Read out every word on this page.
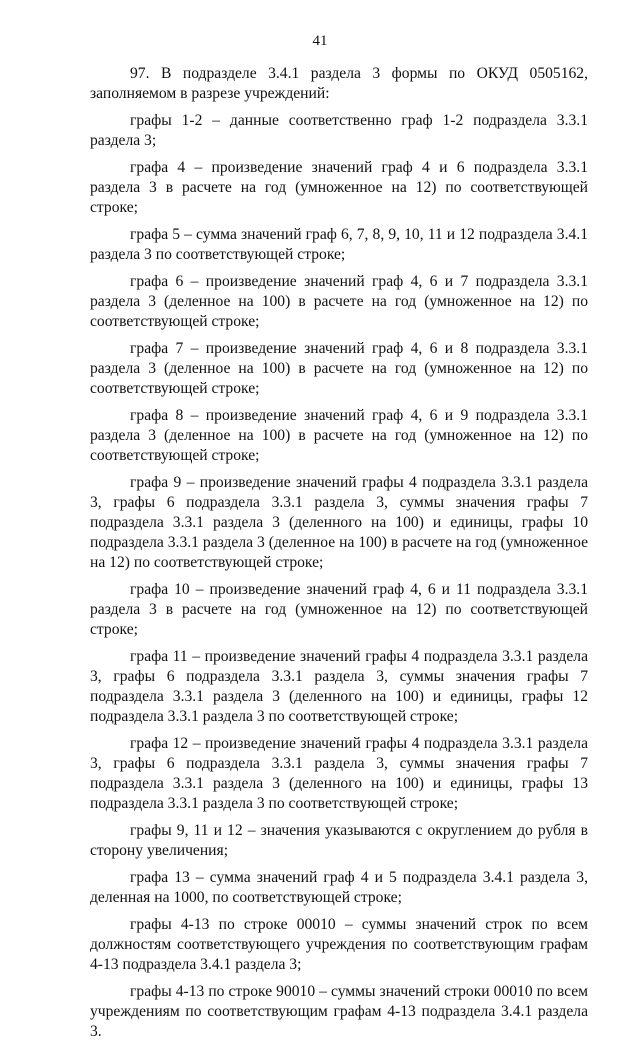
41

97. В подразделе 3.4.1 раздела 3 формы по ОКУД 0505162, заполняемом в разрезе учреждений:

графы 1-2 – данные соответственно граф 1-2 подраздела 3.3.1 раздела 3;

графа 4 – произведение значений граф 4 и 6 подраздела 3.3.1 раздела 3 в расчете на год (умноженное на 12) по соответствующей строке;

графа 5 – сумма значений граф 6, 7, 8, 9, 10, 11 и 12 подраздела 3.4.1 раздела 3 по соответствующей строке;

графа 6 – произведение значений граф 4, 6 и 7 подраздела 3.3.1 раздела 3 (деленное на 100) в расчете на год (умноженное на 12) по соответствующей строке;

графа 7 – произведение значений граф 4, 6 и 8 подраздела 3.3.1 раздела 3 (деленное на 100) в расчете на год (умноженное на 12) по соответствующей строке;

графа 8 – произведение значений граф 4, 6 и 9 подраздела 3.3.1 раздела 3 (деленное на 100) в расчете на год (умноженное на 12) по соответствующей строке;

графа 9 – произведение значений графы 4 подраздела 3.3.1 раздела 3, графы 6 подраздела 3.3.1 раздела 3, суммы значения графы 7 подраздела 3.3.1 раздела 3 (деленного на 100) и единицы, графы 10 подраздела 3.3.1 раздела 3 (деленное на 100) в расчете на год (умноженное на 12) по соответствующей строке;

графа 10 – произведение значений граф 4, 6 и 11 подраздела 3.3.1 раздела 3 в расчете на год (умноженное на 12) по соответствующей строке;

графа 11 – произведение значений графы 4 подраздела 3.3.1 раздела 3, графы 6 подраздела 3.3.1 раздела 3, суммы значения графы 7 подраздела 3.3.1 раздела 3 (деленного на 100) и единицы, графы 12 подраздела 3.3.1 раздела 3 по соответствующей строке;

графа 12 – произведение значений графы 4 подраздела 3.3.1 раздела 3, графы 6 подраздела 3.3.1 раздела 3, суммы значения графы 7 подраздела 3.3.1 раздела 3 (деленного на 100) и единицы, графы 13 подраздела 3.3.1 раздела 3 по соответствующей строке;

графы 9, 11 и 12 – значения указываются с округлением до рубля в сторону увеличения;

графа 13 – сумма значений граф 4 и 5 подраздела 3.4.1 раздела 3, деленная на 1000, по соответствующей строке;

графы 4-13 по строке 00010 – суммы значений строк по всем должностям соответствующего учреждения по соответствующим графам 4-13 подраздела 3.4.1 раздела 3;

графы 4-13 по строке 90010 – суммы значений строки 00010 по всем учреждениям по соответствующим графам 4-13 подраздела 3.4.1 раздела 3.
